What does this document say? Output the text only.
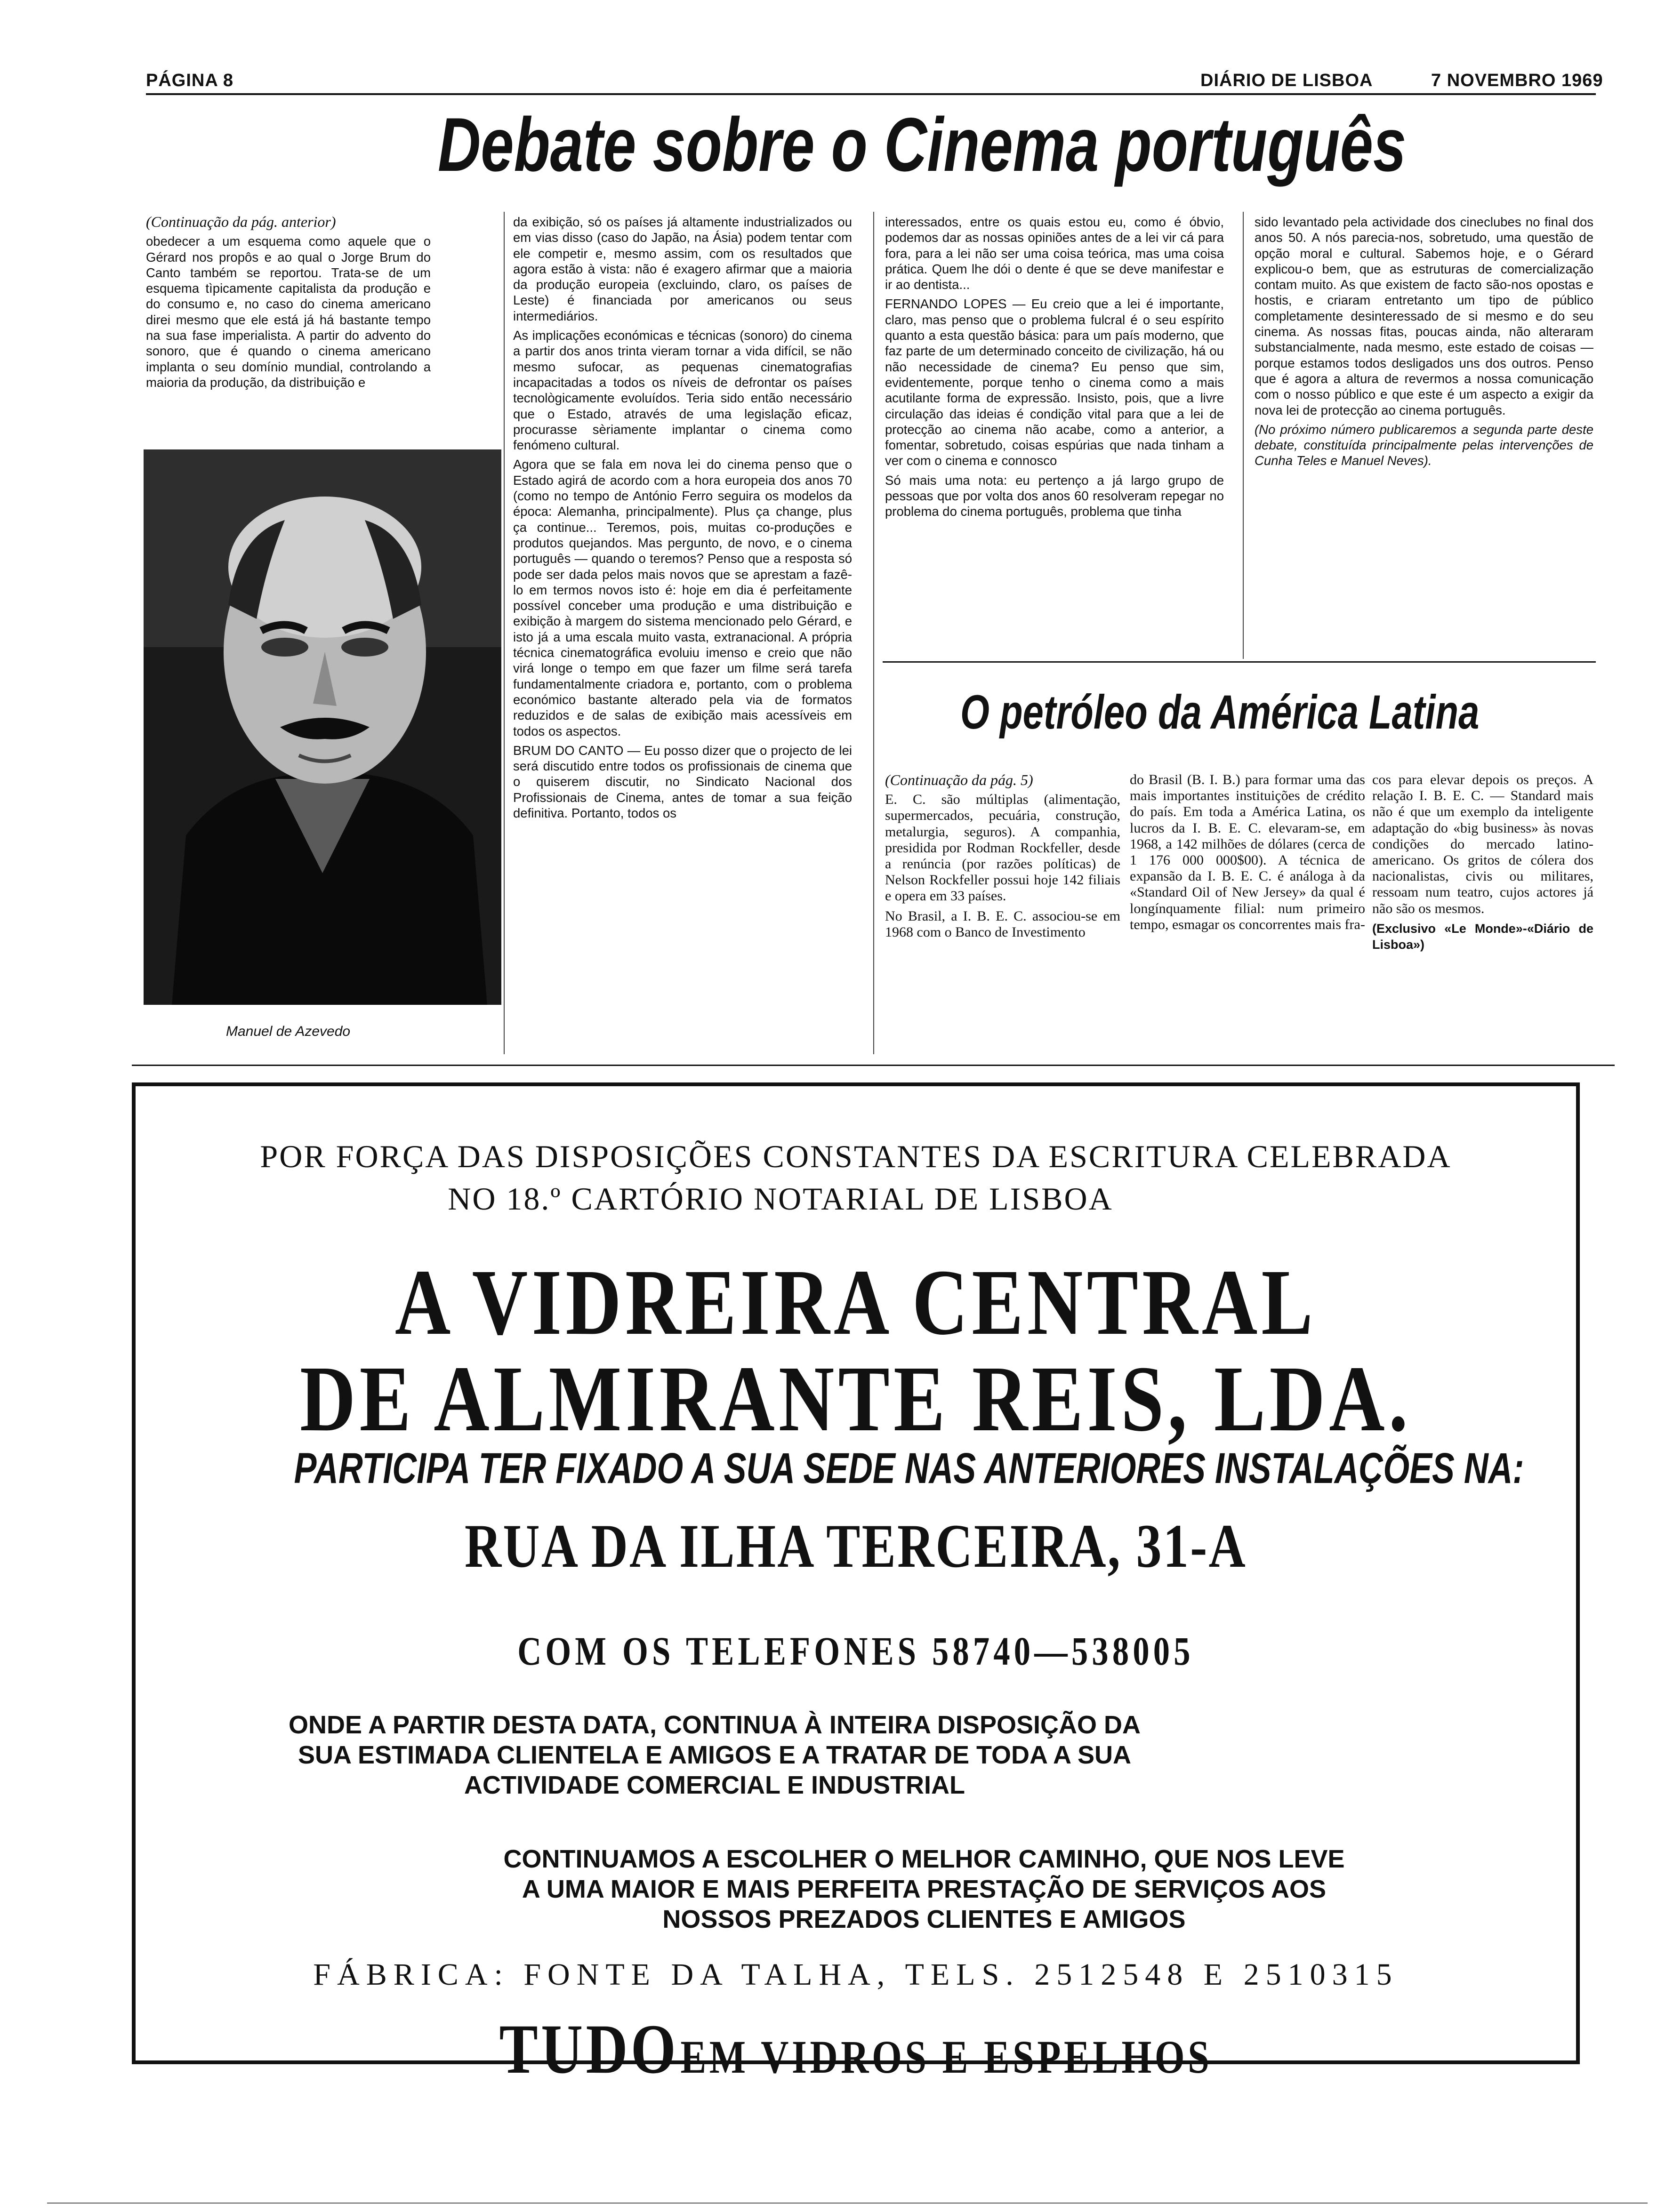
PÁGINA 8	DIÁRIO DE LISBOA	7 NOVEMBRO 1969
Debate sobre o Cinema português

(Continuação da pág. anterior)

obedecer a um esquema como aquele que o Gérard nos propôs e ao qual o Jorge Brum do Canto também se reportou. Trata-se de um esquema tìpicamente capitalista da produção e do consumo e, no caso do cinema americano direi mesmo que ele está já há bastante tempo na sua fase imperialista. A partir do advento do sonoro, que é quando o cinema americano implanta o seu domínio mundial, controlando a maioria da produção, da distribuição e

Manuel de Azevedo

da exibição, só os países já altamente industrializados ou em vias disso (caso do Japão, na Ásia) podem tentar com ele competir e, mesmo assim, com os resultados que agora estão à vista: não é exagero afirmar que a maioria da produção europeia (excluindo, claro, os países de Leste) é financiada por americanos ou seus intermediários.

As implicações económicas e técnicas (sonoro) do cinema a partir dos anos trinta vieram tornar a vida difícil, se não mesmo sufocar, as pequenas cinematografias incapacitadas a todos os níveis de defrontar os países tecnològicamente evoluídos. Teria sido então necessário que o Estado, através de uma legislação eficaz, procurasse sèriamente implantar o cinema como fenómeno cultural.

Agora que se fala em nova lei do cinema penso que o Estado agirá de acordo com a hora europeia dos anos 70 (como no tempo de António Ferro seguira os modelos da época: Alemanha, principalmente). Plus ça change, plus ça continue... Teremos, pois, muitas co-produções e produtos quejandos. Mas pergunto, de novo, e o cinema português — quando o teremos? Penso que a resposta só pode ser dada pelos mais novos que se aprestam a fazê-lo em termos novos isto é: hoje em dia é perfeitamente possível conceber uma produção e uma distribuição e exibição à margem do sistema mencionado pelo Gérard, e isto já a uma escala muito vasta, extranacional. A própria técnica cinematográfica evoluiu imenso e creio que não virá longe o tempo em que fazer um filme será tarefa fundamentalmente criadora e, portanto, com o problema económico bastante alterado pela via de formatos reduzidos e de salas de exibição mais acessíveis em todos os aspectos.

BRUM DO CANTO — Eu posso dizer que o projecto de lei será discutido entre todos os profissionais de cinema que o quiserem discutir, no Sindicato Nacional dos Profissionais de Cinema, antes de tomar a sua feição definitiva. Portanto, todos os

interessados, entre os quais estou eu, como é óbvio, podemos dar as nossas opiniões antes de a lei vir cá para fora, para a lei não ser uma coisa teórica, mas uma coisa prática. Quem lhe dói o dente é que se deve manifestar e ir ao dentista...

FERNANDO LOPES — Eu creio que a lei é importante, claro, mas penso que o problema fulcral é o seu espírito quanto a esta questão básica: para um país moderno, que faz parte de um determinado conceito de civilização, há ou não necessidade de cinema? Eu penso que sim, evidentemente, porque tenho o cinema como a mais acutilante forma de expressão. Insisto, pois, que a livre circulação das ideias é condição vital para que a lei de protecção ao cinema não acabe, como a anterior, a fomentar, sobretudo, coisas espúrias que nada tinham a ver com o cinema e connosco

Só mais uma nota: eu pertenço a já largo grupo de pessoas que por volta dos anos 60 resolveram repegar no problema do cinema português, problema que tinha

sido levantado pela actividade dos cineclubes no final dos anos 50. A nós parecia-nos, sobretudo, uma questão de opção moral e cultural. Sabemos hoje, e o Gérard explicou-o bem, que as estruturas de comercialização contam muito. As que existem de facto são-nos opostas e hostis, e criaram entretanto um tipo de público completamente desinteressado de si mesmo e do seu cinema. As nossas fitas, poucas ainda, não alteraram substancialmente, nada mesmo, este estado de coisas — porque estamos todos desligados uns dos outros. Penso que é agora a altura de revermos a nossa comunicação com o nosso público e que este é um aspecto a exigir da nova lei de protecção ao cinema português.

(No próximo número publicaremos a segunda parte deste debate, constituída principalmente pelas intervenções de Cunha Teles e Manuel Neves).

O petróleo da América Latina

(Continuação da pág. 5)

E. C. são múltiplas (alimentação, supermercados, pecuária, construção, metalurgia, seguros). A companhia, presidida por Rodman Rockfeller, desde a renúncia (por razões políticas) de Nelson Rockfeller possui hoje 142 filiais e opera em 33 países.

No Brasil, a I. B. E. C. associou-se em 1968 com o Banco de Investimento

do Brasil (B. I. B.) para formar uma das mais importantes instituições de crédito do país. Em toda a América Latina, os lucros da I. B. E. C. elevaram-se, em 1968, a 142 milhões de dólares (cerca de 1 176 000 000$00). A técnica de expansão da I. B. E. C. é análoga à da «Standard Oil of New Jersey» da qual é longínquamente filial: num primeiro tempo, esmagar os concorrentes mais fra-

cos para elevar depois os preços. A relação I. B. E. C. — Standard mais não é que um exemplo da inteligente adaptação do «big business» às novas condições do mercado latino-americano. Os gritos de cólera dos nacionalistas, civis ou militares, ressoam num teatro, cujos actores já não são os mesmos.

(Exclusivo «Le Monde»-«Diário de Lisboa»)

POR FORÇA DAS DISPOSIÇÕES CONSTANTES DA ESCRITURA CELEBRADA
NO 18.º CARTÓRIO NOTARIAL DE LISBOA
A VIDREIRA CENTRAL
DE ALMIRANTE REIS, LDA.
PARTICIPA TER FIXADO A SUA SEDE NAS ANTERIORES INSTALAÇÕES NA:
RUA DA ILHA TERCEIRA, 31-A
COM OS TELEFONES 58740—538005
ONDE A PARTIR DESTA DATA, CONTINUA À INTEIRA DISPOSIÇÃO DA
SUA ESTIMADA CLIENTELA E AMIGOS E A TRATAR DE TODA A SUA
ACTIVIDADE COMERCIAL E INDUSTRIAL
CONTINUAMOS A ESCOLHER O MELHOR CAMINHO, QUE NOS LEVE
A UMA MAIOR E MAIS PERFEITA PRESTAÇÃO DE SERVIÇOS AOS
NOSSOS PREZADOS CLIENTES E AMIGOS
FÁBRICA: FONTE DA TALHA, TELS. 2512548 E 2510315
TUDO EM VIDROS E ESPELHOS
